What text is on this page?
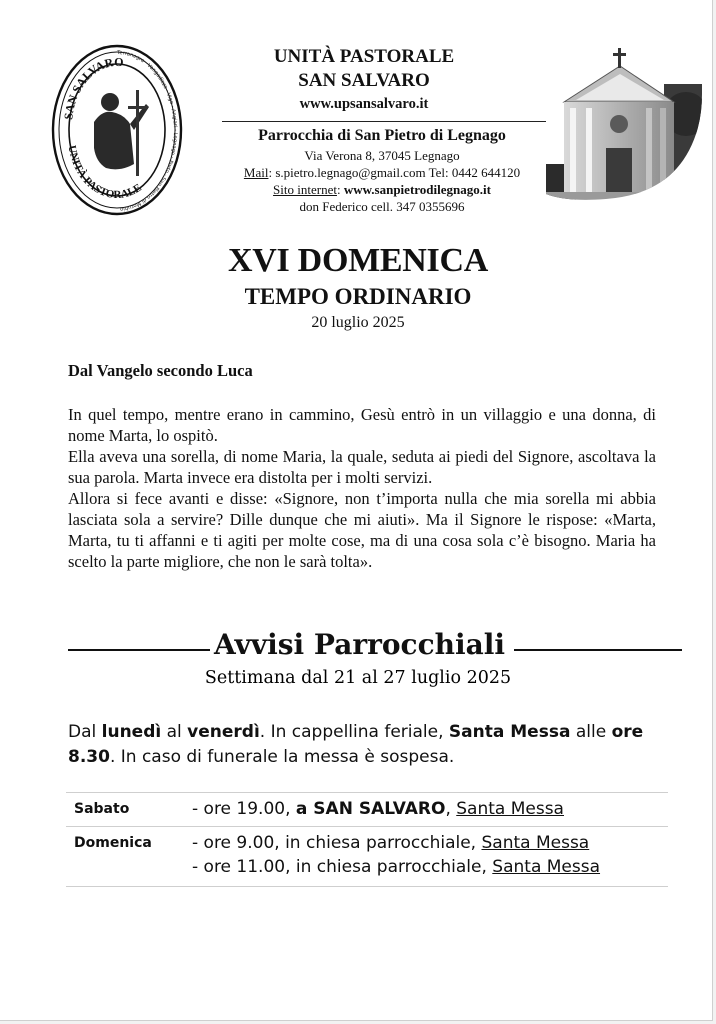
Terranegra · Vangadizza · Vigo · Angiari · Legnago · Porto · San Pietro di Morubio
SAN SALVARO
UNITÀ PASTORALE
UNITÀ PASTORALE
SAN SALVARO
www.upsansalvaro.it
Parrocchia di San Pietro di Legnago
Via Verona 8, 37045 Legnago
Mail: s.pietro.legnago@gmail.com Tel: 0442 644120
Sito internet: www.sanpietrodilegnago.it
don Federico cell. 347 0355696
XVI DOMENICA
TEMPO ORDINARIO
20 luglio 2025
Dal Vangelo secondo Luca

In quel tempo, mentre erano in cammino, Gesù entrò in un villaggio e una donna, di nome Marta, lo ospitò.

Ella aveva una sorella, di nome Maria, la quale, seduta ai piedi del Signore, ascoltava la sua parola. Marta invece era distolta per i molti servizi.

Allora si fece avanti e disse: «Signore, non t’importa nulla che mia sorella mi abbia lasciata sola a servire? Dille dunque che mi aiuti». Ma il Signore le rispose: «Marta, Marta, tu ti affanni e ti agiti per molte cose, ma di una cosa sola c’è bisogno. Maria ha scelto la parte migliore, che non le sarà tolta».

Avvisi Parrocchiali
Settimana dal 21 al 27 luglio 2025
Dal lunedì al venerdì. In cappellina feriale, Santa Messa alle ore 8.30. In caso di funerale la messa è sospesa.
Sabato	- ore 19.00, a SAN SALVARO, Santa Messa
Domenica - ore 9.00, in chiesa parrocchiale, Santa Messa
- ore 11.00, in chiesa parrocchiale, Santa Messa
